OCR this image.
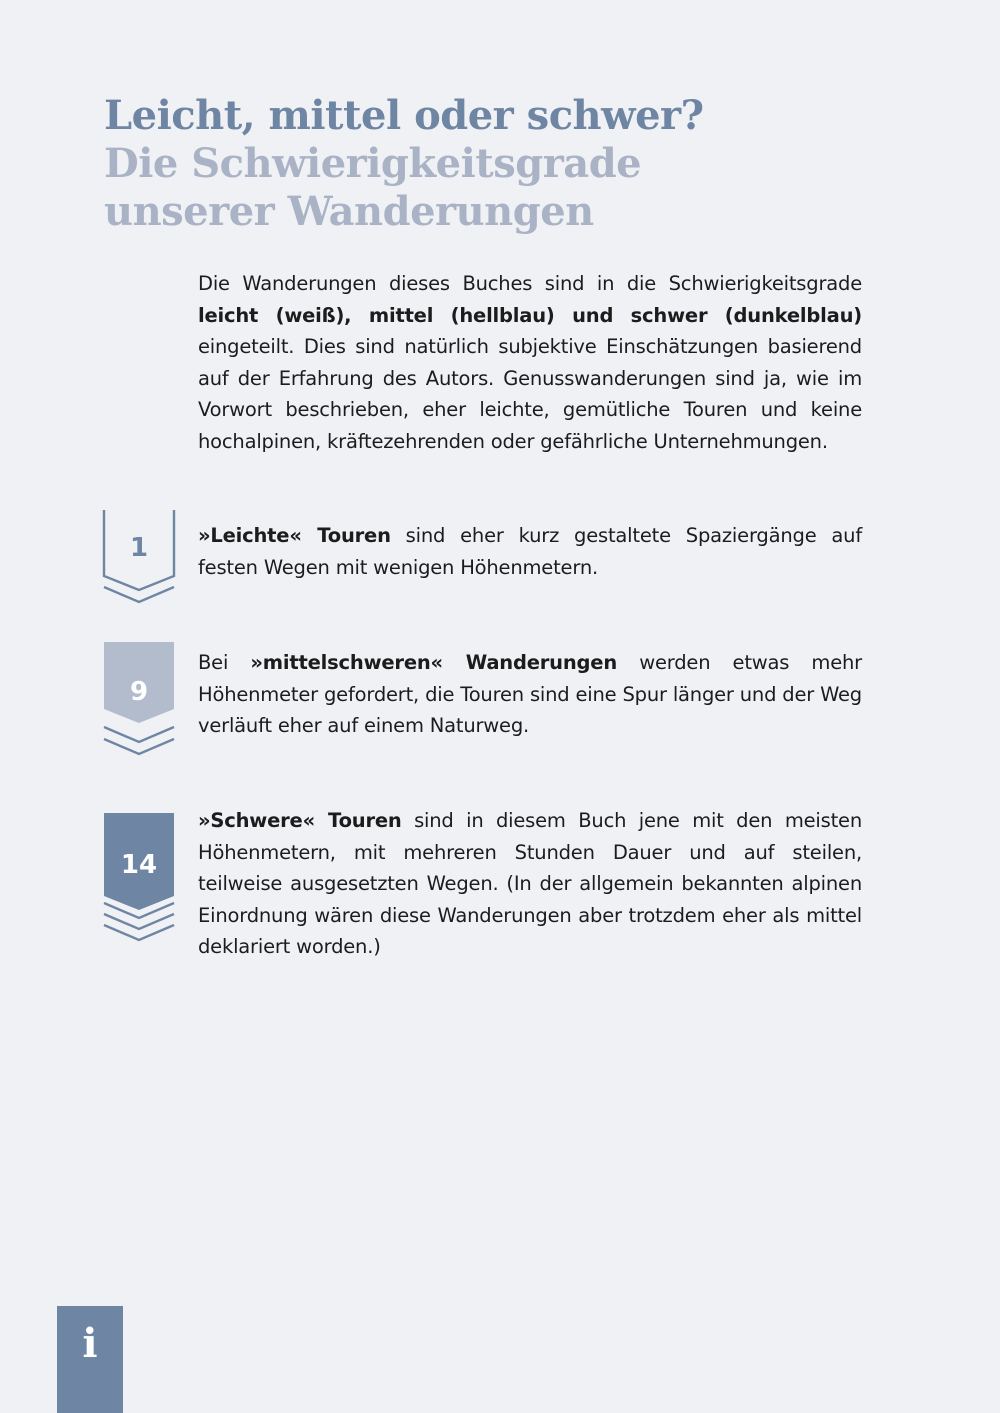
Leicht, mittel oder schwer?
Die Schwierigkeitsgrade
unserer Wanderungen

Die Wanderungen dieses Buches sind in die Schwierigkeitsgrade leicht (weiß), mittel (hellblau) und schwer (dunkelblau) eingeteilt. Dies sind natürlich subjektive Einschätzungen basierend auf der Erfahrung des Autors. Genusswanderungen sind ja, wie im Vorwort beschrieben, eher leichte, gemütliche Touren und keine hochalpinen, kräftezehrenden oder gefährliche Unternehmungen.

1	»Leichte« Touren sind eher kurz gestaltete Spaziergänge auf festen Wegen mit wenigen Höhenmetern.

9

Bei »mittelschweren« Wanderungen werden etwas mehr Höhenmeter gefordert, die Touren sind eine Spur länger und der Weg verläuft eher auf einem Naturweg.

14

»Schwere« Touren sind in diesem Buch jene mit den meisten Höhenmetern, mit mehreren Stunden Dauer und auf steilen, teilweise ausgesetzten Wegen. (In der allgemein bekannten alpinen Einordnung wären diese Wanderungen aber trotzdem eher als mittel deklariert worden.)

i
